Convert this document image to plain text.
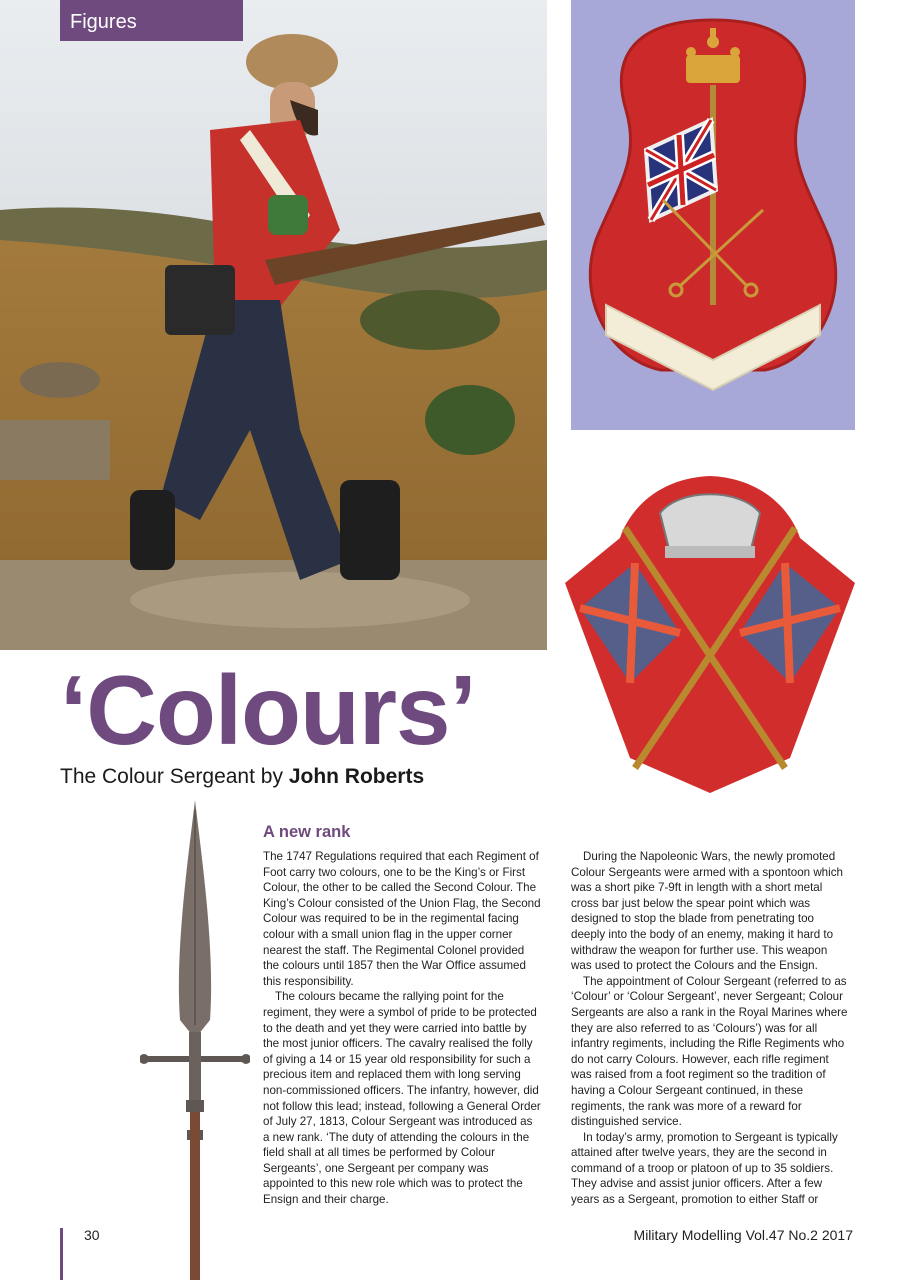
Figures
‘Colours’
The Colour Sergeant by John Roberts
A new rank

The 1747 Regulations required that each Regiment of Foot carry two colours, one to be the King’s or First Colour, the other to be called the Second Colour. The King’s Colour consisted of the Union Flag, the Second Colour was required to be in the regimental facing colour with a small union flag in the upper corner nearest the staff. The Regimental Colonel provided the colours until 1857 then the War Office assumed this responsibility.

The colours became the rallying point for the regiment, they were a symbol of pride to be protected to the death and yet they were carried into battle by the most junior officers. The cavalry realised the folly of giving a 14 or 15 year old responsibility for such a precious item and replaced them with long serving non-commissioned officers. The infantry, however, did not follow this lead; instead, following a General Order of July 27, 1813, Colour Sergeant was introduced as a new rank. ‘The duty of attending the colours in the field shall at all times be performed by Colour Sergeants’, one Sergeant per company was appointed to this new role which was to protect the Ensign and their charge.

During the Napoleonic Wars, the newly promoted Colour Sergeants were armed with a spontoon which was a short pike 7-9ft in length with a short metal cross bar just below the spear point which was designed to stop the blade from penetrating too deeply into the body of an enemy, making it hard to withdraw the weapon for further use. This weapon was used to protect the Colours and the Ensign.

The appointment of Colour Sergeant (referred to as ‘Colour’ or ‘Colour Sergeant’, never Sergeant; Colour Sergeants are also a rank in the Royal Marines where they are also referred to as ‘Colours’) was for all infantry regiments, including the Rifle Regiments who do not carry Colours. However, each rifle regiment was raised from a foot regiment so the tradition of having a Colour Sergeant continued, in these regiments, the rank was more of a reward for distinguished service.

In today’s army, promotion to Sergeant is typically attained after twelve years, they are the second in command of a troop or platoon of up to 35 soldiers. They advise and assist junior officers. After a few years as a Sergeant, promotion to either Staff or

30	Military Modelling Vol.47 No.2 2017
